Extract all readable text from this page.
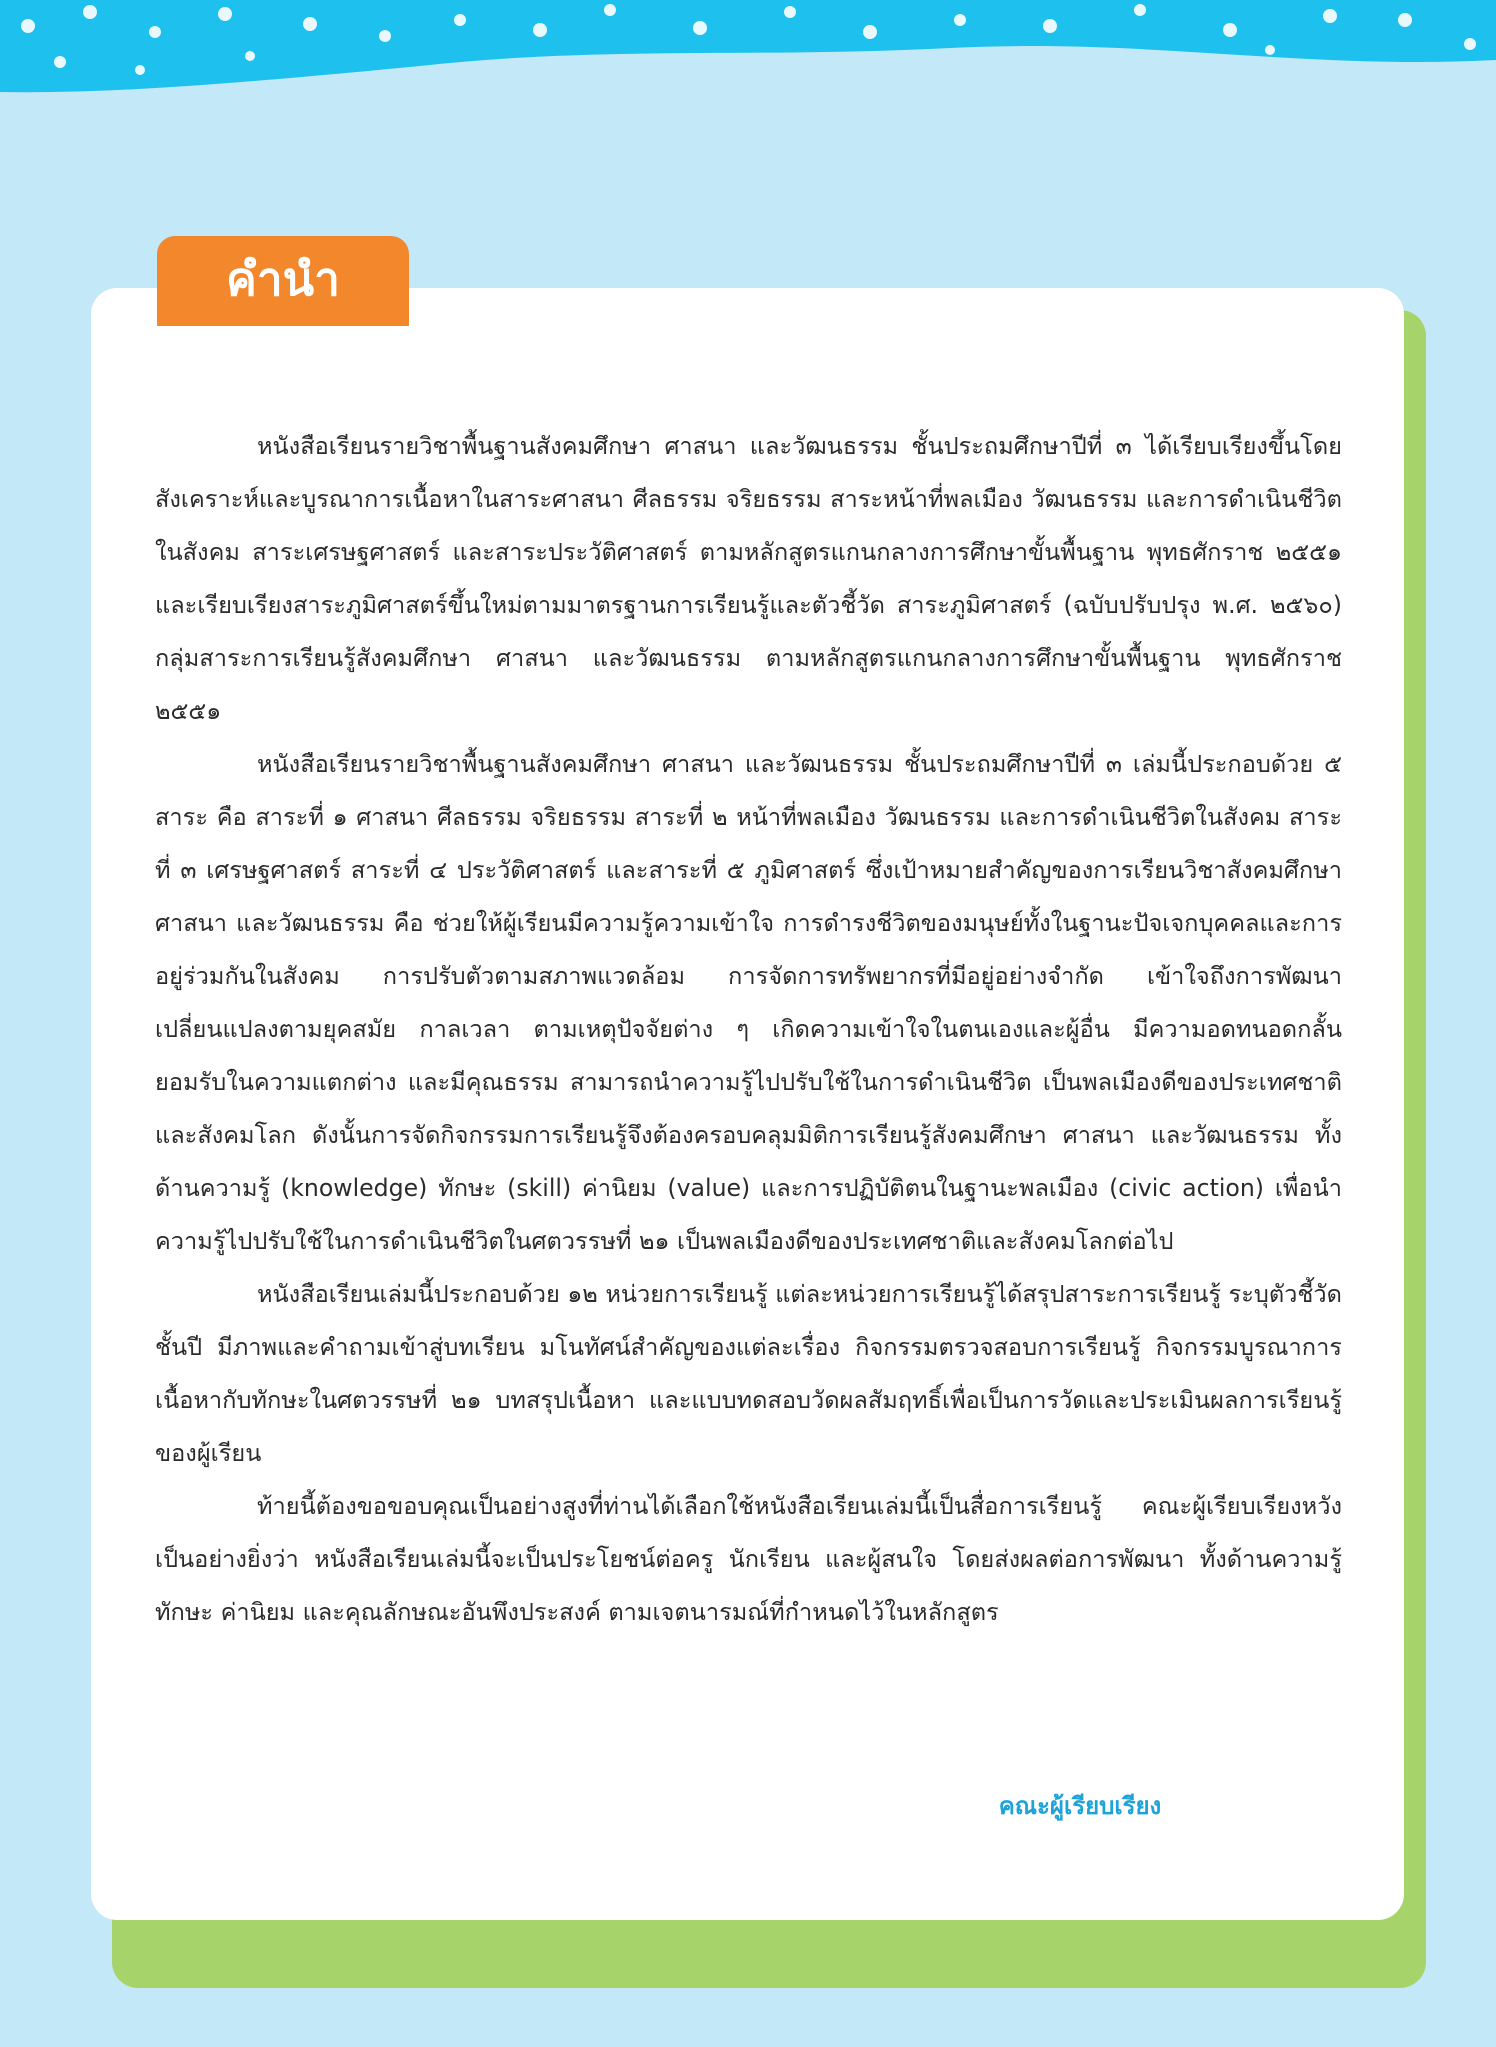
คำนำ

หนังสือเรียนรายวิชาพื้นฐานสังคมศึกษา ศาสนา และวัฒนธรรม ชั้นประถมศึกษาปีที่ ๓ ได้เรียบเรียงขึ้นโดยสังเคราะห์และบูรณาการเนื้อหาในสาระศาสนา ศีลธรรม จริยธรรม สาระหน้าที่พลเมือง วัฒนธรรม และการดำเนินชีวิตในสังคม สาระเศรษฐศาสตร์ และสาระประวัติศาสตร์ ตามหลักสูตรแกนกลางการศึกษาขั้นพื้นฐาน พุทธศักราช ๒๕๕๑ และเรียบเรียงสาระภูมิศาสตร์ขึ้นใหม่ตามมาตรฐานการเรียนรู้และตัวชี้วัด สาระภูมิศาสตร์ (ฉบับปรับปรุง พ.ศ. ๒๕๖๐) กลุ่มสาระการเรียนรู้สังคมศึกษา ศาสนา และวัฒนธรรม ตามหลักสูตรแกนกลางการศึกษาขั้นพื้นฐาน พุทธศักราช ๒๕๕๑

หนังสือเรียนรายวิชาพื้นฐานสังคมศึกษา ศาสนา และวัฒนธรรม ชั้นประถมศึกษาปีที่ ๓ เล่มนี้ประกอบด้วย ๕ สาระ คือ สาระที่ ๑ ศาสนา ศีลธรรม จริยธรรม สาระที่ ๒ หน้าที่พลเมือง วัฒนธรรม และการดำเนินชีวิตในสังคม สาระที่ ๓ เศรษฐศาสตร์ สาระที่ ๔ ประวัติศาสตร์ และสาระที่ ๕ ภูมิศาสตร์ ซึ่งเป้าหมายสำคัญของการเรียนวิชาสังคมศึกษา ศาสนา และวัฒนธรรม คือ ช่วยให้ผู้เรียนมีความรู้ความเข้าใจ การดำรงชีวิตของมนุษย์ทั้งในฐานะปัจเจกบุคคลและการอยู่ร่วมกันในสังคม การปรับตัวตามสภาพแวดล้อม การจัดการทรัพยากรที่มีอยู่อย่างจำกัด เข้าใจถึงการพัฒนาเปลี่ยนแปลงตามยุคสมัย กาลเวลา ตามเหตุปัจจัยต่าง ๆ เกิดความเข้าใจในตนเองและผู้อื่น มีความอดทนอดกลั้น ยอมรับในความแตกต่าง และมีคุณธรรม สามารถนำความรู้ไปปรับใช้ในการดำเนินชีวิต เป็นพลเมืองดีของประเทศชาติและสังคมโลก ดังนั้นการจัดกิจกรรมการเรียนรู้จึงต้องครอบคลุมมิติการเรียนรู้สังคมศึกษา ศาสนา และวัฒนธรรม ทั้งด้านความรู้ (knowledge) ทักษะ (skill) ค่านิยม (value) และการปฏิบัติตนในฐานะพลเมือง (civic action) เพื่อนำความรู้ไปปรับใช้ในการดำเนินชีวิตในศตวรรษที่ ๒๑ เป็นพลเมืองดีของประเทศชาติและสังคมโลกต่อไป

หนังสือเรียนเล่มนี้ประกอบด้วย ๑๒ หน่วยการเรียนรู้ แต่ละหน่วยการเรียนรู้ได้สรุปสาระการเรียนรู้ ระบุตัวชี้วัดชั้นปี มีภาพและคำถามเข้าสู่บทเรียน มโนทัศน์สำคัญของแต่ละเรื่อง กิจกรรมตรวจสอบการเรียนรู้ กิจกรรมบูรณาการเนื้อหากับทักษะในศตวรรษที่ ๒๑ บทสรุปเนื้อหา และแบบทดสอบวัดผลสัมฤทธิ์เพื่อเป็นการวัดและประเมินผลการเรียนรู้ของผู้เรียน

ท้ายนี้ต้องขอขอบคุณเป็นอย่างสูงที่ท่านได้เลือกใช้หนังสือเรียนเล่มนี้เป็นสื่อการเรียนรู้ คณะผู้เรียบเรียงหวังเป็นอย่างยิ่งว่า หนังสือเรียนเล่มนี้จะเป็นประโยชน์ต่อครู นักเรียน และผู้สนใจ โดยส่งผลต่อการพัฒนา ทั้งด้านความรู้ ทักษะ ค่านิยม และคุณลักษณะอันพึงประสงค์ ตามเจตนารมณ์ที่กำหนดไว้ในหลักสูตร

คณะผู้เรียบเรียง
